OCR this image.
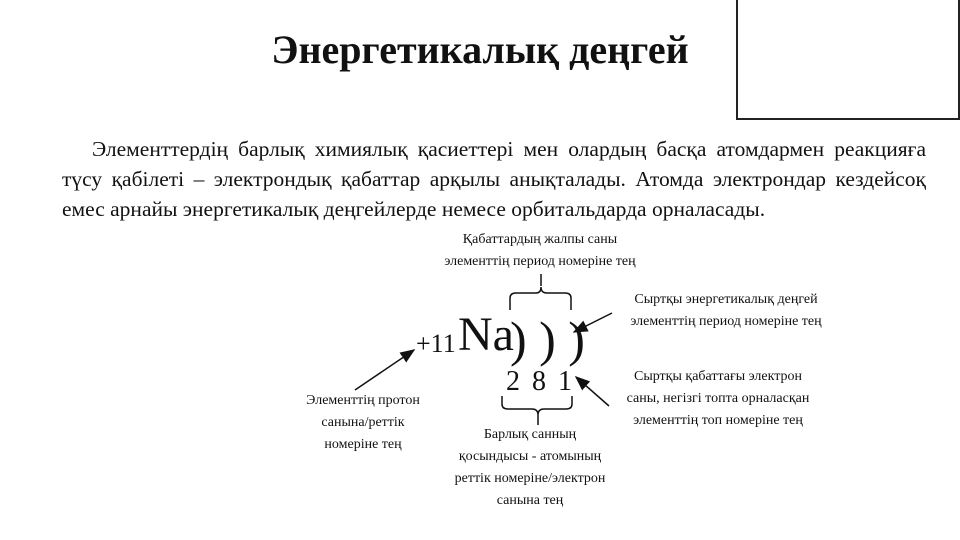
Энергетикалық деңгей

Элементтердің барлық химиялық қасиеттері мен олардың басқа атомдармен реакцияға түсу қабілеті – электрондық қабаттар арқылы анықталады. Атомда электрондар кездейсоқ емес арнайы энергетикалық деңгейлерде немесе орбитальдарда орналасады.

+11 Na
) ) )
2 8 1
Қабаттардың жалпы саны
элементтің период номеріне тең
Сыртқы энергетикалық деңгей
элементтің период номеріне тең
Сыртқы қабаттағы электрон
саны, негізгі топта орналасқан
элементтің топ номеріне тең
Элементтің протон
санына/реттік
номеріне тең
Барлық санның
қосындысы - атомының
реттік номеріне/электрон
санына тең
